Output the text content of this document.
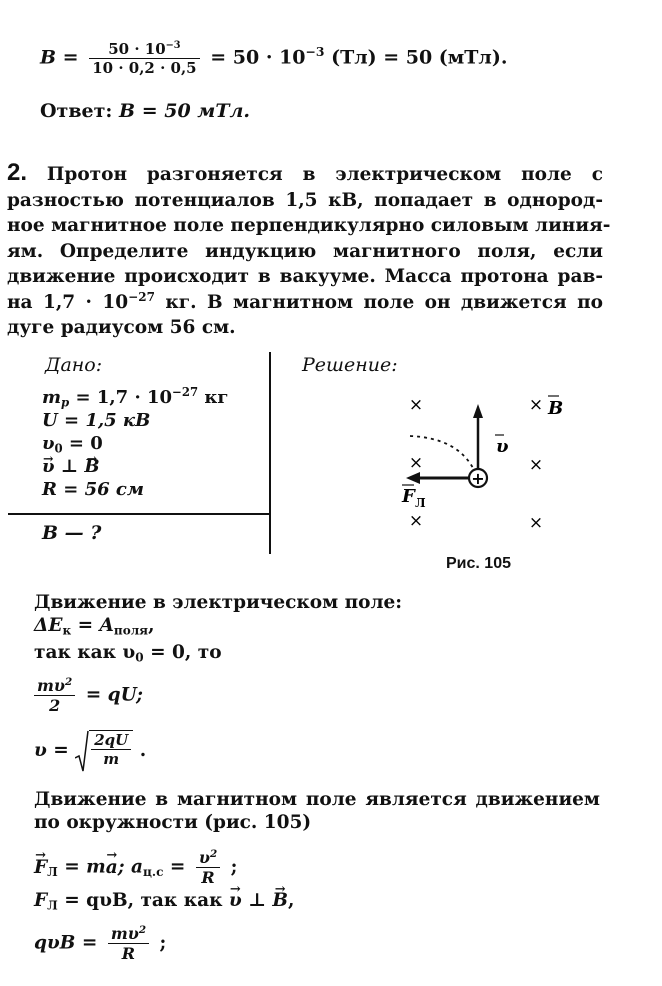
$B = \frac{50 \cdot 10^{-3}}{10 \cdot 0,2 \cdot 0,5} = 50 \cdot 10^{-3}$ (Тл) = 50 (мТл).
Ответ: B = 50 мТл.
2. Протон разгоняется в электрическом поле с
разностью потенциалов 1,5 кВ, попадает в однород-
ное магнитное поле перпендикулярно силовым линия-
ям. Определите индукцию магнитного поля, если
движение происходит в вакууме. Масса протона рав-
на $1,7 \cdot 10^{-27}$ кг. В магнитном поле он движется по
дуге радиусом 56 см.
Дано:
$m_p = 1,7 \cdot 10^{-27}$ кг
U = 1,5 кВ
$\upsilon_0 = 0$
→ υ ⊥ → B
R = 56 см
B — ?
Решение:
×	×
×	×
×	×
+
υ
B
F Л
Рис. 105
Движение в электрическом поле:
$\Delta E_к = A_{поля}$,
так как $\upsilon_0 = 0$, то
$\frac{m\upsilon^2}{2}$ = qU;
$\upsilon = \frac{2qU}{m}$ .
Движение в магнитном поле является движением
по окружности (рис. 105)
→ $F_Л = m\to a$; $a_{ц.с} = \frac{\upsilon^2}{R}$ ;
$F_Л = q\upsilon B$, так как → υ ⊥ → B,
$q\upsilon B = \frac{m\upsilon^2}{R}$ ;
